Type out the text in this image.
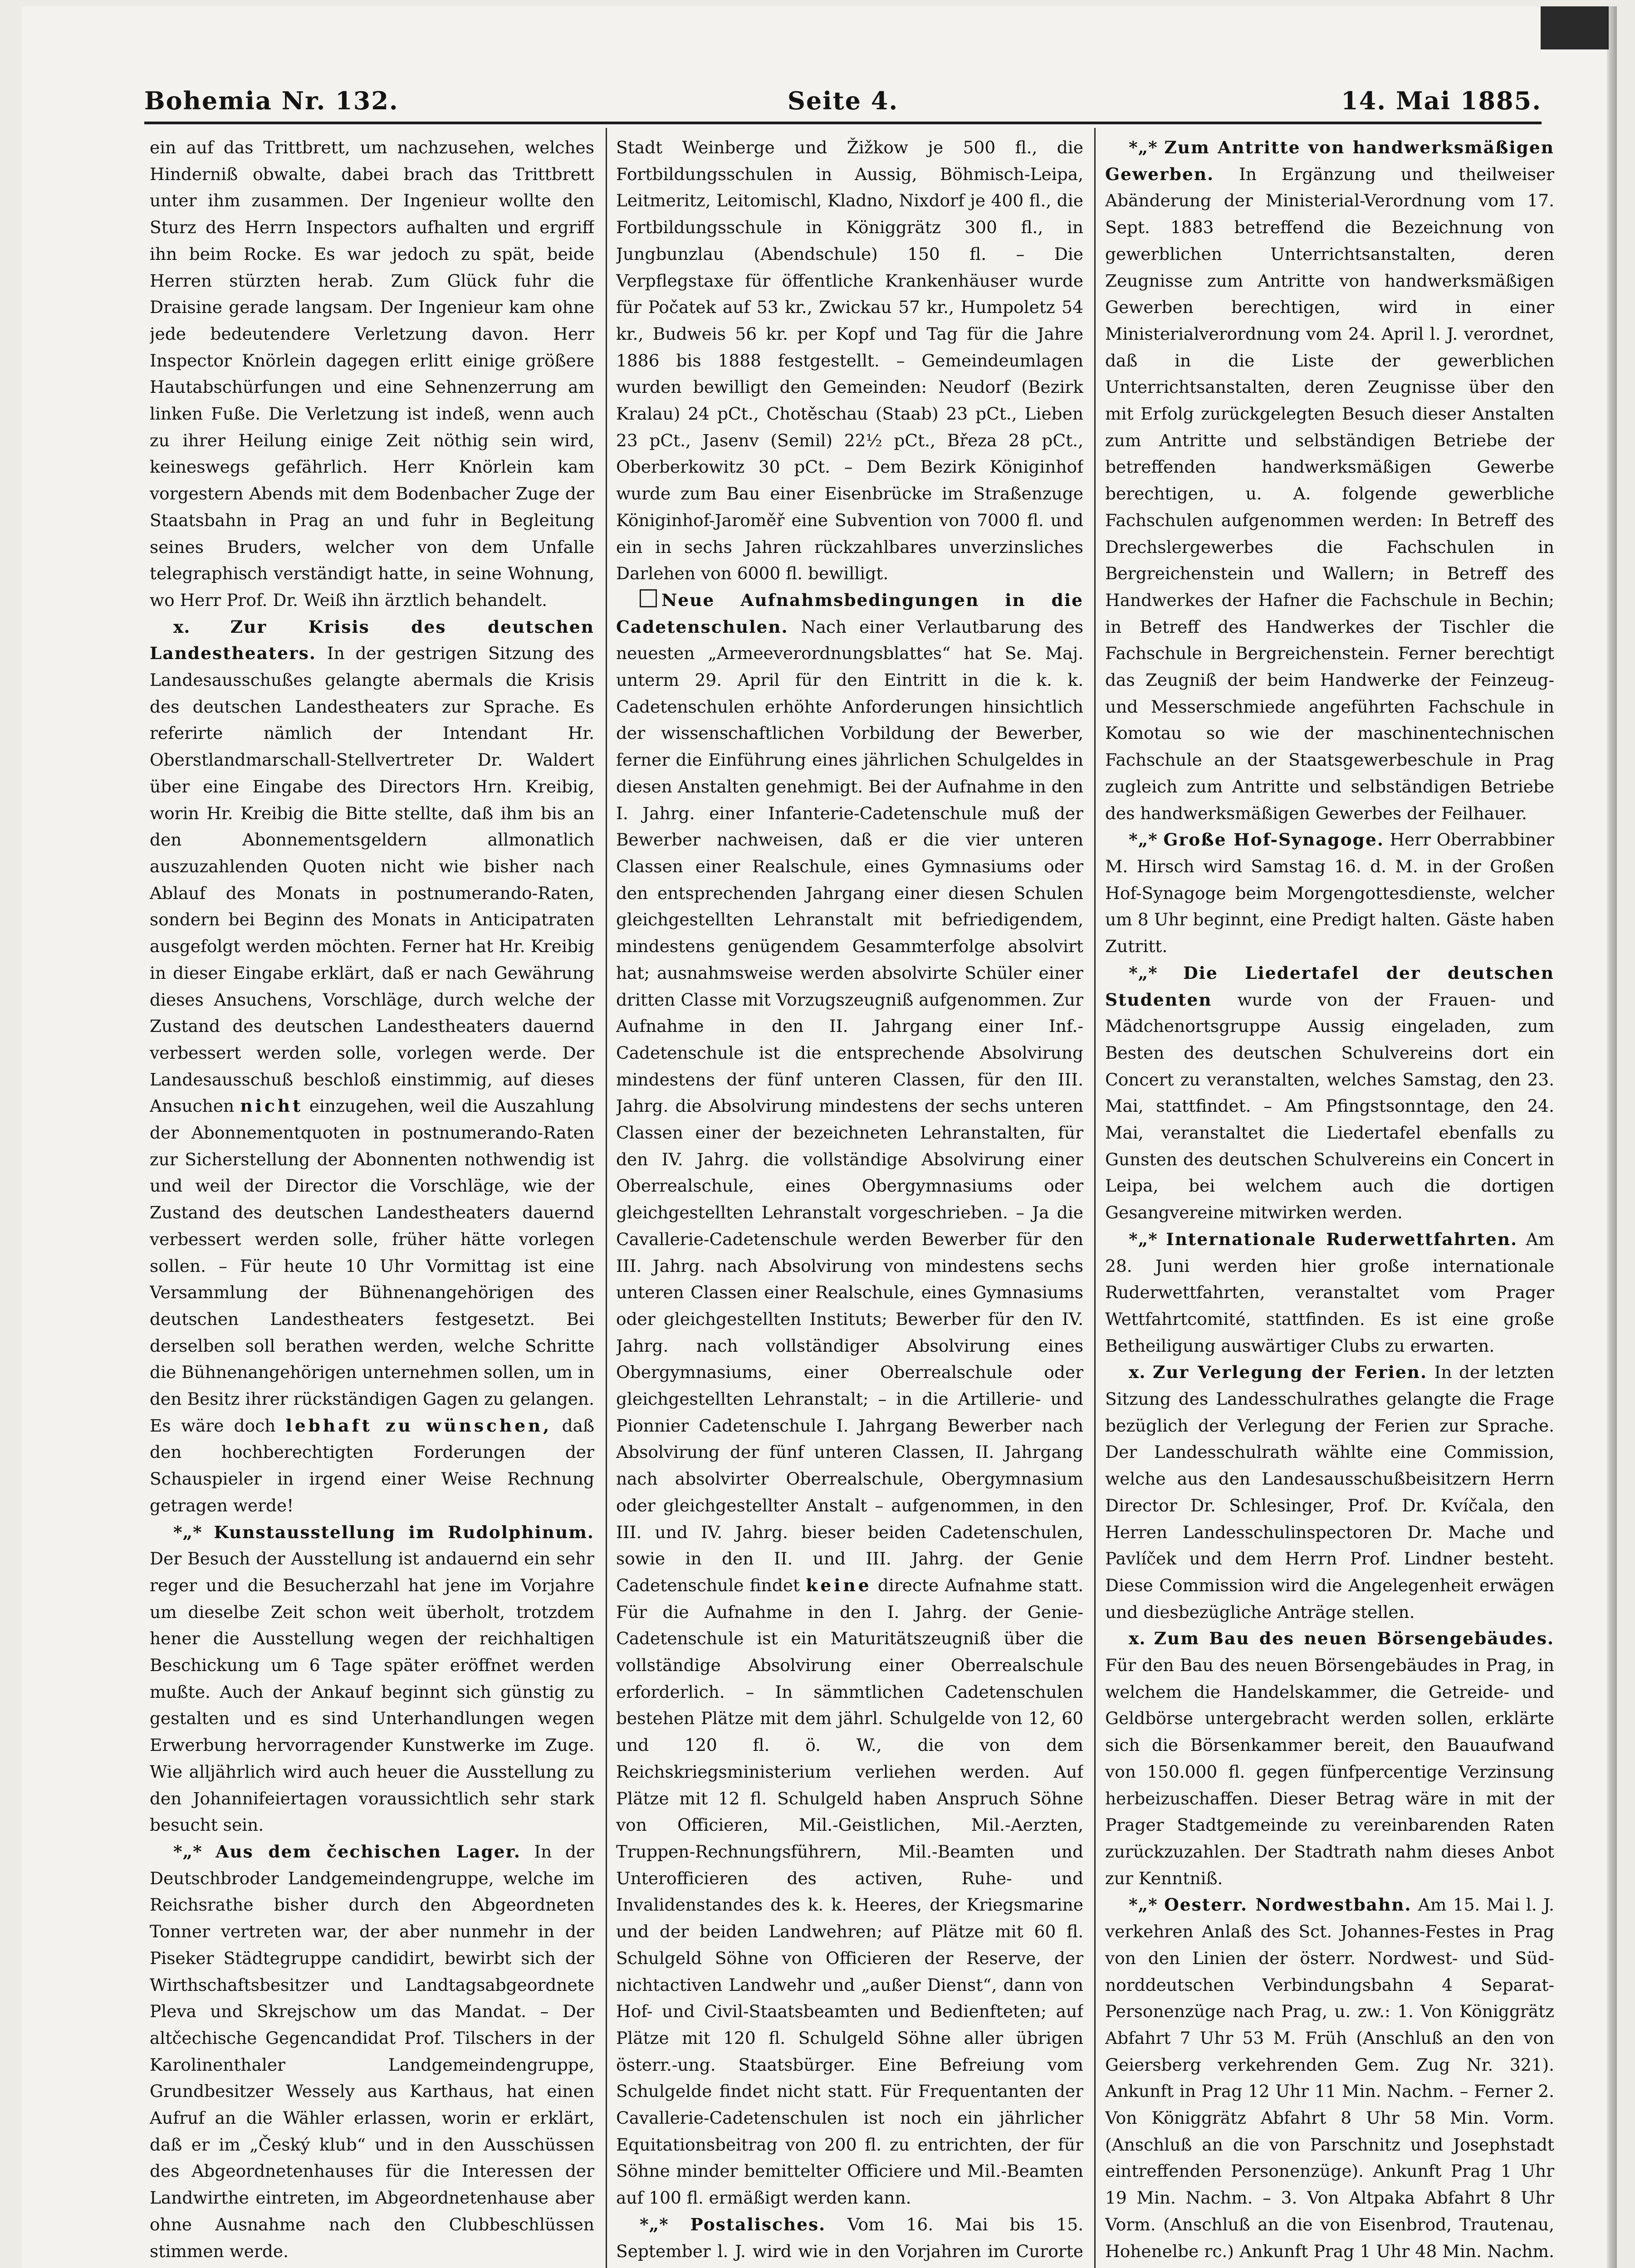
Bohemia Nr. 132.	Seite 4.	14. Mai 1885.

ein auf das Trittbrett, um nachzusehen, welches Hinderniß obwalte, dabei brach das Trittbrett unter ihm zusammen. Der Ingenieur wollte den Sturz des Herrn Inspectors aufhalten und ergriff ihn beim Rocke. Es war jedoch zu spät, beide Herren stürzten herab. Zum Glück fuhr die Draisine gerade langsam. Der Ingenieur kam ohne jede bedeutendere Verletzung davon. Herr Inspector Knörlein dagegen erlitt einige größere Hautabschürfungen und eine Sehnenzerrung am linken Fuße. Die Verletzung ist indeß, wenn auch zu ihrer Heilung einige Zeit nöthig sein wird, keineswegs gefährlich. Herr Knörlein kam vorgestern Abends mit dem Bodenbacher Zuge der Staatsbahn in Prag an und fuhr in Begleitung seines Bruders, welcher von dem Unfalle telegraphisch verständigt hatte, in seine Wohnung, wo Herr Prof. Dr. Weiß ihn ärztlich behandelt.

x. Zur Krisis des deutschen Landestheaters. In der gestrigen Sitzung des Landesausschußes gelangte abermals die Krisis des deutschen Landestheaters zur Sprache. Es referirte nämlich der Intendant Hr. Oberstlandmarschall-Stellvertreter Dr. Waldert über eine Eingabe des Directors Hrn. Kreibig, worin Hr. Kreibig die Bitte stellte, daß ihm bis an den Abonnementsgeldern allmonatlich auszuzahlenden Quoten nicht wie bisher nach Ablauf des Monats in postnumerando-Raten, sondern bei Beginn des Monats in Anticipatraten ausgefolgt werden möchten. Ferner hat Hr. Kreibig in dieser Eingabe erklärt, daß er nach Gewährung dieses Ansuchens, Vorschläge, durch welche der Zustand des deutschen Landestheaters dauernd verbessert werden solle, vorlegen werde. Der Landesausschuß beschloß einstimmig, auf dieses Ansuchen nicht einzugehen, weil die Auszahlung der Abonnementquoten in postnumerando-Raten zur Sicherstellung der Abonnenten nothwendig ist und weil der Director die Vorschläge, wie der Zustand des deutschen Landestheaters dauernd verbessert werden solle, früher hätte vorlegen sollen. – Für heute 10 Uhr Vormittag ist eine Versammlung der Bühnenangehörigen des deutschen Landestheaters festgesetzt. Bei derselben soll berathen werden, welche Schritte die Bühnenangehörigen unternehmen sollen, um in den Besitz ihrer rückständigen Gagen zu gelangen. Es wäre doch lebhaft zu wünschen, daß den hochberechtigten Forderungen der Schauspieler in irgend einer Weise Rechnung getragen werde!

*„* Kunstausstellung im Rudolphinum. Der Besuch der Ausstellung ist andauernd ein sehr reger und die Besucherzahl hat jene im Vorjahre um dieselbe Zeit schon weit überholt, trotzdem hener die Ausstellung wegen der reichhaltigen Beschickung um 6 Tage später eröffnet werden mußte. Auch der Ankauf beginnt sich günstig zu gestalten und es sind Unterhandlungen wegen Erwerbung hervorragender Kunstwerke im Zuge. Wie alljährlich wird auch heuer die Ausstellung zu den Johannifeiertagen voraussichtlich sehr stark besucht sein.

*„* Aus dem čechischen Lager. In der Deutschbroder Landgemeindengruppe, welche im Reichsrathe bisher durch den Abgeordneten Tonner vertreten war, der aber nunmehr in der Piseker Städtegruppe candidirt, bewirbt sich der Wirthschaftsbesitzer und Landtagsabgeordnete Pleva und Skrejschow um das Mandat. – Der altčechische Gegencandidat Prof. Tilschers in der Karolinenthaler Landgemeindengruppe, Grundbesitzer Wessely aus Karthaus, hat einen Aufruf an die Wähler erlassen, worin er erklärt, daß er im „Český klub“ und in den Ausschüssen des Abgeordnetenhauses für die Interessen der Landwirthe eintreten, im Abgeordnetenhause aber ohne Ausnahme nach den Clubbeschlüssen stimmen werde.

Stadt Weinberge und Žižkow je 500 fl., die Fortbildungsschulen in Aussig, Böhmisch-Leipa, Leitmeritz, Leitomischl, Kladno, Nixdorf je 400 fl., die Fortbildungsschule in Königgrätz 300 fl., in Jungbunzlau (Abendschule) 150 fl. – Die Verpflegstaxe für öffentliche Krankenhäuser wurde für Počatek auf 53 kr., Zwickau 57 kr., Humpoletz 54 kr., Budweis 56 kr. per Kopf und Tag für die Jahre 1886 bis 1888 festgestellt. – Gemeindeumlagen wurden bewilligt den Gemeinden: Neudorf (Bezirk Kralau) 24 pCt., Chotěschau (Staab) 23 pCt., Lieben 23 pCt., Jasenv (Semil) 22½ pCt., Březa 28 pCt., Oberberkowitz 30 pCt. – Dem Bezirk Königinhof wurde zum Bau einer Eisenbrücke im Straßenzuge Königinhof-Jaroměř eine Subvention von 7000 fl. und ein in sechs Jahren rückzahlbares unverzinsliches Darlehen von 6000 fl. bewilligt.

Neue Aufnahmsbedingungen in die Cadetenschulen. Nach einer Verlautbarung des neuesten „Armeeverordnungsblattes“ hat Se. Maj. unterm 29. April für den Eintritt in die k. k. Cadetenschulen erhöhte Anforderungen hinsichtlich der wissenschaftlichen Vorbildung der Bewerber, ferner die Einführung eines jährlichen Schulgeldes in diesen Anstalten genehmigt. Bei der Aufnahme in den I. Jahrg. einer Infanterie-Cadetenschule muß der Bewerber nachweisen, daß er die vier unteren Classen einer Realschule, eines Gymnasiums oder den entsprechenden Jahrgang einer diesen Schulen gleichgestellten Lehranstalt mit befriedigendem, mindestens genügendem Gesammterfolge absolvirt hat; ausnahmsweise werden absolvirte Schüler einer dritten Classe mit Vorzugszeugniß aufgenommen. Zur Aufnahme in den II. Jahrgang einer Inf.-Cadetenschule ist die entsprechende Absolvirung mindestens der fünf unteren Classen, für den III. Jahrg. die Absolvirung mindestens der sechs unteren Classen einer der bezeichneten Lehranstalten, für den IV. Jahrg. die vollständige Absolvirung einer Oberrealschule, eines Obergymnasiums oder gleichgestellten Lehranstalt vorgeschrieben. – Ja die Cavallerie-Cadetenschule werden Bewerber für den III. Jahrg. nach Absolvirung von mindestens sechs unteren Classen einer Realschule, eines Gymnasiums oder gleichgestellten Instituts; Bewerber für den IV. Jahrg. nach vollständiger Absolvirung eines Obergymnasiums, einer Oberrealschule oder gleichgestellten Lehranstalt; – in die Artillerie- und Pionnier Cadetenschule I. Jahrgang Bewerber nach Absolvirung der fünf unteren Classen, II. Jahrgang nach absolvirter Oberrealschule, Obergymnasium oder gleichgestellter Anstalt – aufgenommen, in den III. und IV. Jahrg. bieser beiden Cadetenschulen, sowie in den II. und III. Jahrg. der Genie Cadetenschule findet keine directe Aufnahme statt. Für die Aufnahme in den I. Jahrg. der Genie-Cadetenschule ist ein Maturitätszeugniß über die vollständige Absolvirung einer Oberrealschule erforderlich. – In sämmtlichen Cadetenschulen bestehen Plätze mit dem jährl. Schulgelde von 12, 60 und 120 fl. ö. W., die von dem Reichskriegsministerium verliehen werden. Auf Plätze mit 12 fl. Schulgeld haben Anspruch Söhne von Officieren, Mil.-Geistlichen, Mil.-Aerzten, Truppen-Rechnungsführern, Mil.-Beamten und Unterofficieren des activen, Ruhe- und Invalidenstandes des k. k. Heeres, der Kriegsmarine und der beiden Landwehren; auf Plätze mit 60 fl. Schulgeld Söhne von Officieren der Reserve, der nichtactiven Landwehr und „außer Dienst“, dann von Hof- und Civil-Staatsbeamten und Bedienfteten; auf Plätze mit 120 fl. Schulgeld Söhne aller übrigen österr.-ung. Staatsbürger. Eine Befreiung vom Schulgelde findet nicht statt. Für Frequentanten der Cavallerie-Cadetenschulen ist noch ein jährlicher Equitationsbeitrag von 200 fl. zu entrichten, der für Söhne minder bemittelter Officiere und Mil.-Beamten auf 100 fl. ermäßigt werden kann.

*„* Postalisches. Vom 16. Mai bis 15. September l. J. wird wie in den Vorjahren im Curorte

*„* Zum Antritte von handwerksmäßigen Gewerben. In Ergänzung und theilweiser Abänderung der Ministerial-Verordnung vom 17. Sept. 1883 betreffend die Bezeichnung von gewerblichen Unterrichtsanstalten, deren Zeugnisse zum Antritte von handwerksmäßigen Gewerben berechtigen, wird in einer Ministerialverordnung vom 24. April l. J. verordnet, daß in die Liste der gewerblichen Unterrichtsanstalten, deren Zeugnisse über den mit Erfolg zurückgelegten Besuch dieser Anstalten zum Antritte und selbständigen Betriebe der betreffenden handwerksmäßigen Gewerbe berechtigen, u. A. folgende gewerbliche Fachschulen aufgenommen werden: In Betreff des Drechslergewerbes die Fachschulen in Bergreichenstein und Wallern; in Betreff des Handwerkes der Hafner die Fachschule in Bechin; in Betreff des Handwerkes der Tischler die Fachschule in Bergreichenstein. Ferner berechtigt das Zeugniß der beim Handwerke der Feinzeug- und Messerschmiede angeführten Fachschule in Komotau so wie der maschinentechnischen Fachschule an der Staatsgewerbeschule in Prag zugleich zum Antritte und selbständigen Betriebe des handwerksmäßigen Gewerbes der Feilhauer.

*„* Große Hof-Synagoge. Herr Oberrabbiner M. Hirsch wird Samstag 16. d. M. in der Großen Hof-Synagoge beim Morgengottesdienste, welcher um 8 Uhr beginnt, eine Predigt halten. Gäste haben Zutritt.

*„* Die Liedertafel der deutschen Studenten wurde von der Frauen- und Mädchenortsgruppe Aussig eingeladen, zum Besten des deutschen Schulvereins dort ein Concert zu veranstalten, welches Samstag, den 23. Mai, stattfindet. – Am Pfingstsonntage, den 24. Mai, veranstaltet die Liedertafel ebenfalls zu Gunsten des deutschen Schulvereins ein Concert in Leipa, bei welchem auch die dortigen Gesangvereine mitwirken werden.

*„* Internationale Ruderwettfahrten. Am 28. Juni werden hier große internationale Ruderwettfahrten, veranstaltet vom Prager Wettfahrtcomité, stattfinden. Es ist eine große Betheiligung auswärtiger Clubs zu erwarten.

x. Zur Verlegung der Ferien. In der letzten Sitzung des Landesschulrathes gelangte die Frage bezüglich der Verlegung der Ferien zur Sprache. Der Landesschulrath wählte eine Commission, welche aus den Landesausschußbeisitzern Herrn Director Dr. Schlesinger, Prof. Dr. Kvíčala, den Herren Landesschulinspectoren Dr. Mache und Pavlíček und dem Herrn Prof. Lindner besteht. Diese Commission wird die Angelegenheit erwägen und diesbezügliche Anträge stellen.

x. Zum Bau des neuen Börsengebäudes. Für den Bau des neuen Börsengebäudes in Prag, in welchem die Handelskammer, die Getreide- und Geldbörse untergebracht werden sollen, erklärte sich die Börsenkammer bereit, den Bauaufwand von 150.000 fl. gegen fünfpercentige Verzinsung herbeizuschaffen. Dieser Betrag wäre in mit der Prager Stadtgemeinde zu vereinbarenden Raten zurückzuzahlen. Der Stadtrath nahm dieses Anbot zur Kenntniß.

*„* Oesterr. Nordwestbahn. Am 15. Mai l. J. verkehren Anlaß des Sct. Johannes-Festes in Prag von den Linien der österr. Nordwest- und Süd-norddeutschen Verbindungsbahn 4 Separat-Personenzüge nach Prag, u. zw.: 1. Von Königgrätz Abfahrt 7 Uhr 53 M. Früh (Anschluß an den von Geiersberg verkehrenden Gem. Zug Nr. 321). Ankunft in Prag 12 Uhr 11 Min. Nachm. – Ferner 2. Von Königgrätz Abfahrt 8 Uhr 58 Min. Vorm. (Anschluß an die von Parschnitz und Josephstadt eintreffenden Personenzüge). Ankunft Prag 1 Uhr 19 Min. Nachm. – 3. Von Altpaka Abfahrt 8 Uhr Vorm. (Anschluß an die von Eisenbrod, Trautenau, Hohenelbe rc.) Ankunft Prag 1 Uhr 48 Min. Nachm.
